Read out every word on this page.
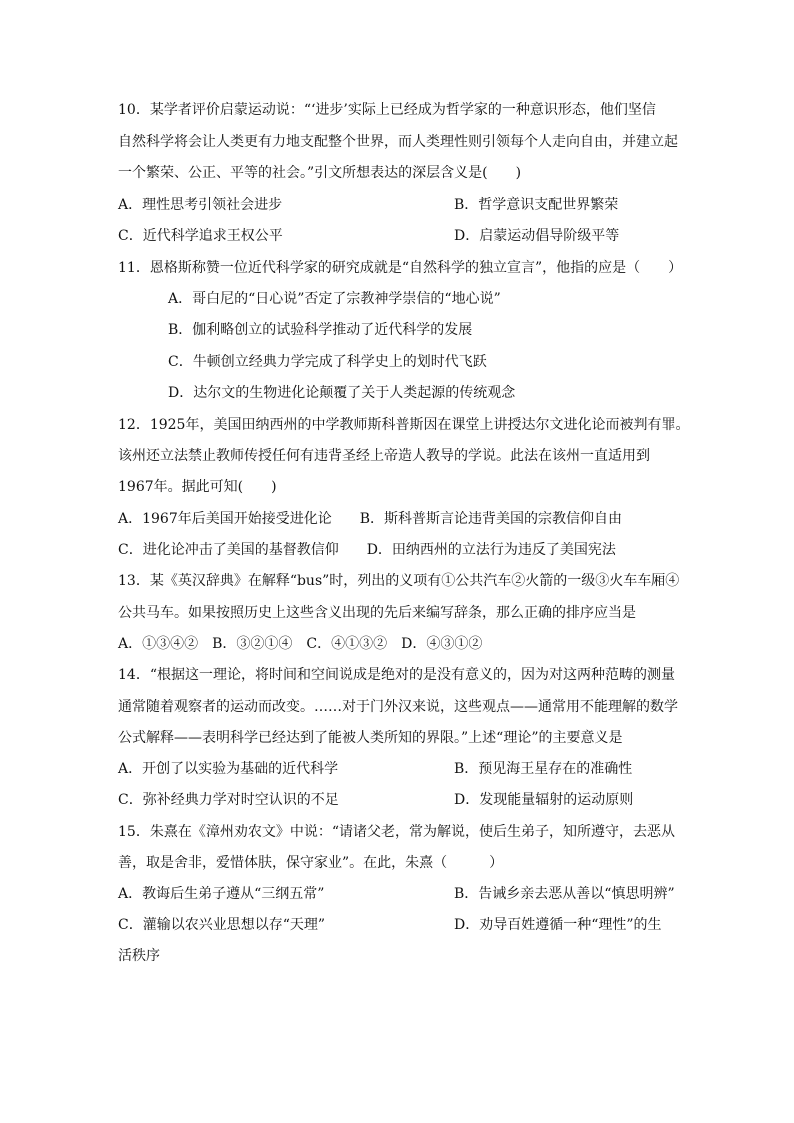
10．某学者评价启蒙运动说：“‘进步’实际上已经成为哲学家的一种意识形态，他们坚信
自然科学将会让人类更有力地支配整个世界，而人类理性则引领每个人走向自由，并建立起
一个繁荣、公正、平等的社会。”引文所想表达的深层含义是(　　)
A．理性思考引领社会进步	B．哲学意识支配世界繁荣
C．近代科学追求王权公平	D．启蒙运动倡导阶级平等
11．恩格斯称赞一位近代科学家的研究成就是“自然科学的独立宣言”，他指的应是（　　）
A．哥白尼的“日心说”否定了宗教神学崇信的“地心说”
B．伽利略创立的试验科学推动了近代科学的发展
C．牛顿创立经典力学完成了科学史上的划时代飞跃
D．达尔文的生物进化论颠覆了关于人类起源的传统观念
12．1925年，美国田纳西州的中学教师斯科普斯因在课堂上讲授达尔文进化论而被判有罪。
该州还立法禁止教师传授任何有违背圣经上帝造人教导的学说。此法在该州一直适用到
1967年。据此可知(　　)
A．1967年后美国开始接受进化论　　B．斯科普斯言论违背美国的宗教信仰自由
C．进化论冲击了美国的基督教信仰　　D．田纳西州的立法行为违反了美国宪法
13．某《英汉辞典》在解释“bus”时，列出的义项有①公共汽车②火箭的一级③火车车厢④
公共马车。如果按照历史上这些含义出现的先后来编写辞条，那么正确的排序应当是
A．①③④②　B．③②①④　C．④①③②　D．④③①②
14．“根据这一理论，将时间和空间说成是绝对的是没有意义的，因为对这两种范畴的测量
通常随着观察者的运动而改变。……对于门外汉来说，这些观点——通常用不能理解的数学
公式解释——表明科学已经达到了能被人类所知的界限。”上述“理论”的主要意义是
A．开创了以实验为基础的近代科学	B．预见海王星存在的准确性
C．弥补经典力学对时空认识的不足	D．发现能量辐射的运动原则
15．朱熹在《漳州劝农文》中说：“请诸父老，常为解说，使后生弟子，知所遵守，去恶从
善，取是舍非，爱惜体肤，保守家业”。在此，朱熹（　　　）
A．教诲后生弟子遵从“三纲五常”	B．告诫乡亲去恶从善以“慎思明辨”
C．灌输以农兴业思想以存“天理”	D．劝导百姓遵循一种“理性”的生
活秩序
